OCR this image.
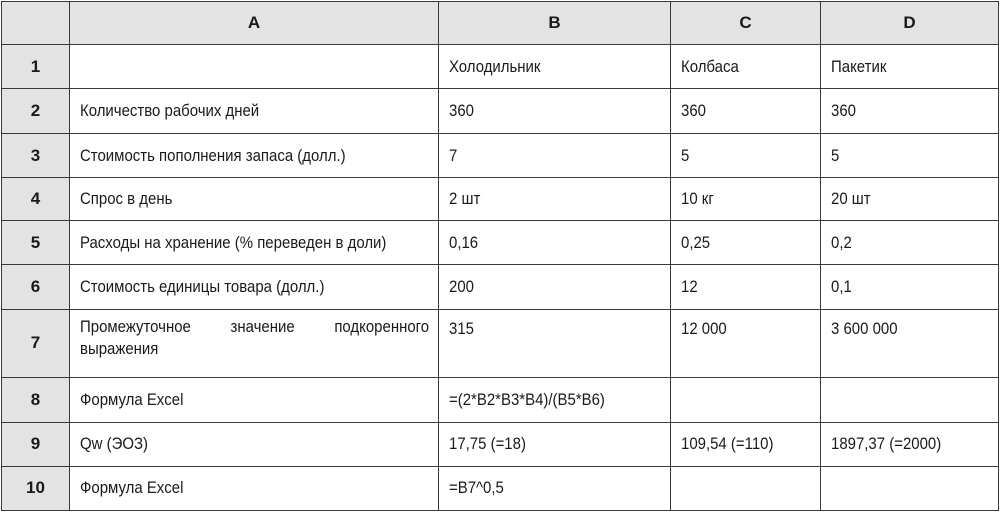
	A	B	C	D
1		Холодильник	Колбаса	Пакетик
2	Количество рабочих дней	360	360	360
3	Стоимость пополнения запаса (долл.)	7	5	5
4	Спрос в день	2 шт	10 кг	20 шт
5	Расходы на хранение (% переведен в доли)	0,16	0,25	0,2
6	Стоимость единицы товара (долл.)	200	12	0,1
7	Промежуточное значение подкоренного выражения	315	12 000	3 600 000
8	Формула Excel	=(2*B2*B3*B4)/(B5*B6)		
9	Qw (ЭОЗ)	17,75 (=18)	109,54 (=110)	1897,37 (=2000)
10	Формула Excel	=B7^0,5		
